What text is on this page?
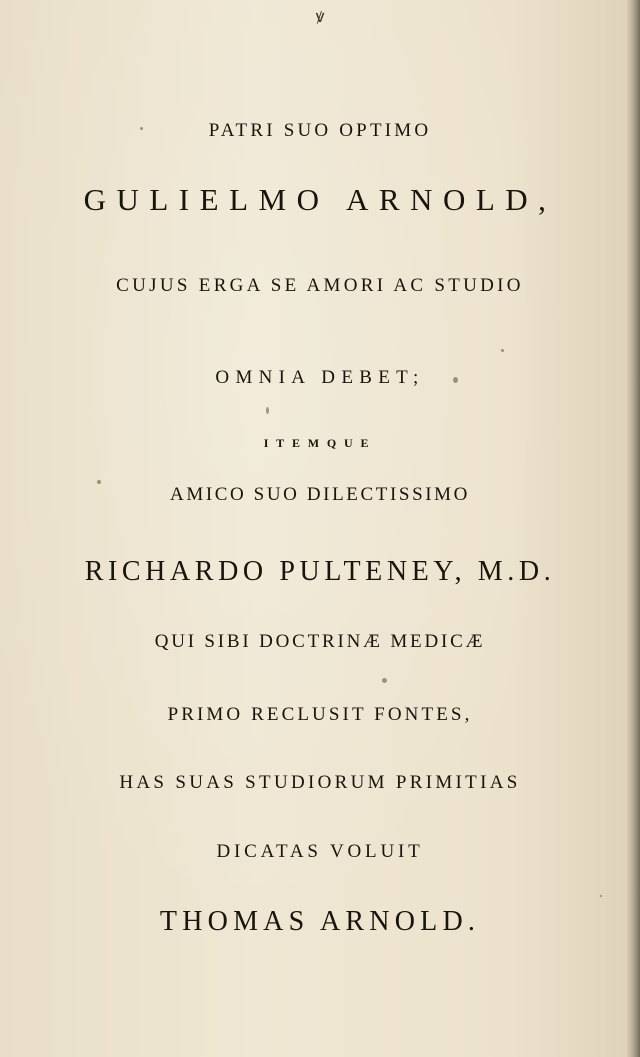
ꝟ
PATRI SUO OPTIMO
GULIELMO ARNOLD,
CUJUS ERGA SE AMORI AC STUDIO
OMNIA DEBET;
ITEMQUE
AMICO SUO DILECTISSIMO
RICHARDO PULTENEY, M.D.
QUI SIBI DOCTRINÆ MEDICÆ
PRIMO RECLUSIT FONTES,
HAS SUAS STUDIORUM PRIMITIAS
DICATAS VOLUIT
THOMAS ARNOLD.
